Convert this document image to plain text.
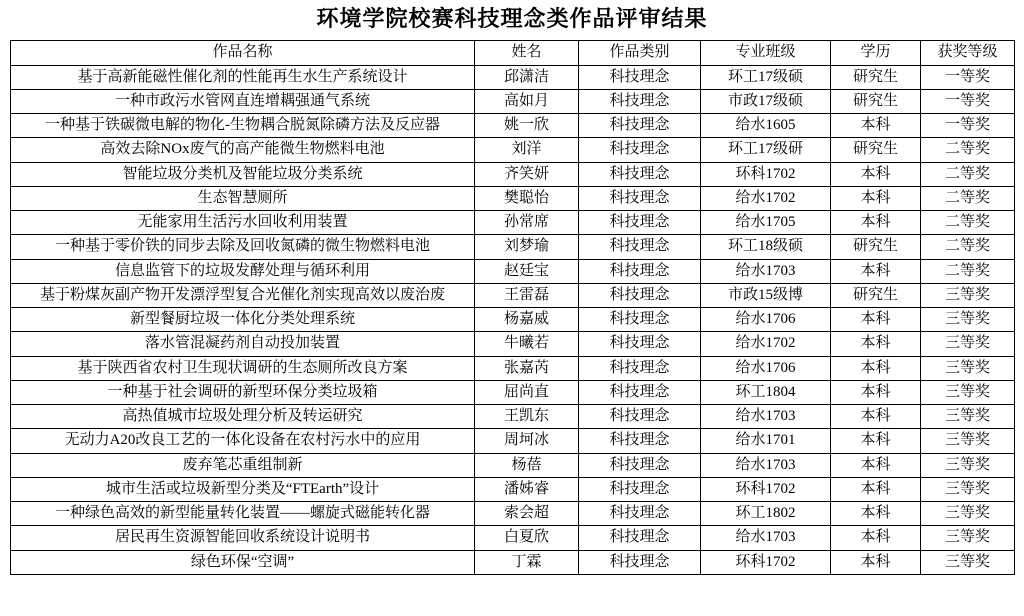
环境学院校赛科技理念类作品评审结果
作品名称	姓名	作品类别	专业班级	学历	获奖等级
基于高新能磁性催化剂的性能再生水生产系统设计	邱潇洁	科技理念	环工17级硕	研究生	一等奖
一种市政污水管网直连增耦强通气系统	高如月	科技理念	市政17级硕	研究生	一等奖
一种基于铁碳微电解的物化-生物耦合脱氮除磷方法及反应器	姚一欣	科技理念	给水1605	本科	一等奖
高效去除NOx废气的高产能微生物燃料电池	刘洋	科技理念	环工17级研	研究生	二等奖
智能垃圾分类机及智能垃圾分类系统	齐笑妍	科技理念	环科1702	本科	二等奖
生态智慧厕所	樊聪怡	科技理念	给水1702	本科	二等奖
无能家用生活污水回收利用装置	孙常席	科技理念	给水1705	本科	二等奖
一种基于零价铁的同步去除及回收氮磷的微生物燃料电池	刘梦瑜	科技理念	环工18级硕	研究生	二等奖
信息监管下的垃圾发酵处理与循环利用	赵廷宝	科技理念	给水1703	本科	二等奖
基于粉煤灰副产物开发漂浮型复合光催化剂实现高效以废治废	王雷磊	科技理念	市政15级博	研究生	三等奖
新型餐厨垃圾一体化分类处理系统	杨嘉威	科技理念	给水1706	本科	三等奖
落水管混凝药剂自动投加装置	牛曦若	科技理念	给水1702	本科	三等奖
基于陕西省农村卫生现状调研的生态厕所改良方案	张嘉芮	科技理念	给水1706	本科	三等奖
一种基于社会调研的新型环保分类垃圾箱	屈尚直	科技理念	环工1804	本科	三等奖
高热值城市垃圾处理分析及转运研究	王凯东	科技理念	给水1703	本科	三等奖
无动力A20改良工艺的一体化设备在农村污水中的应用	周坷冰	科技理念	给水1701	本科	三等奖
废弃笔芯重组制新	杨蓓	科技理念	给水1703	本科	三等奖
城市生活或垃圾新型分类及“FTEarth”设计	潘姊睿	科技理念	环科1702	本科	三等奖
一种绿色高效的新型能量转化装置——螺旋式磁能转化器	索会超	科技理念	环工1802	本科	三等奖
居民再生资源智能回收系统设计说明书	白夏欣	科技理念	给水1703	本科	三等奖
绿色环保“空调”	丁霖	科技理念	环科1702	本科	三等奖
